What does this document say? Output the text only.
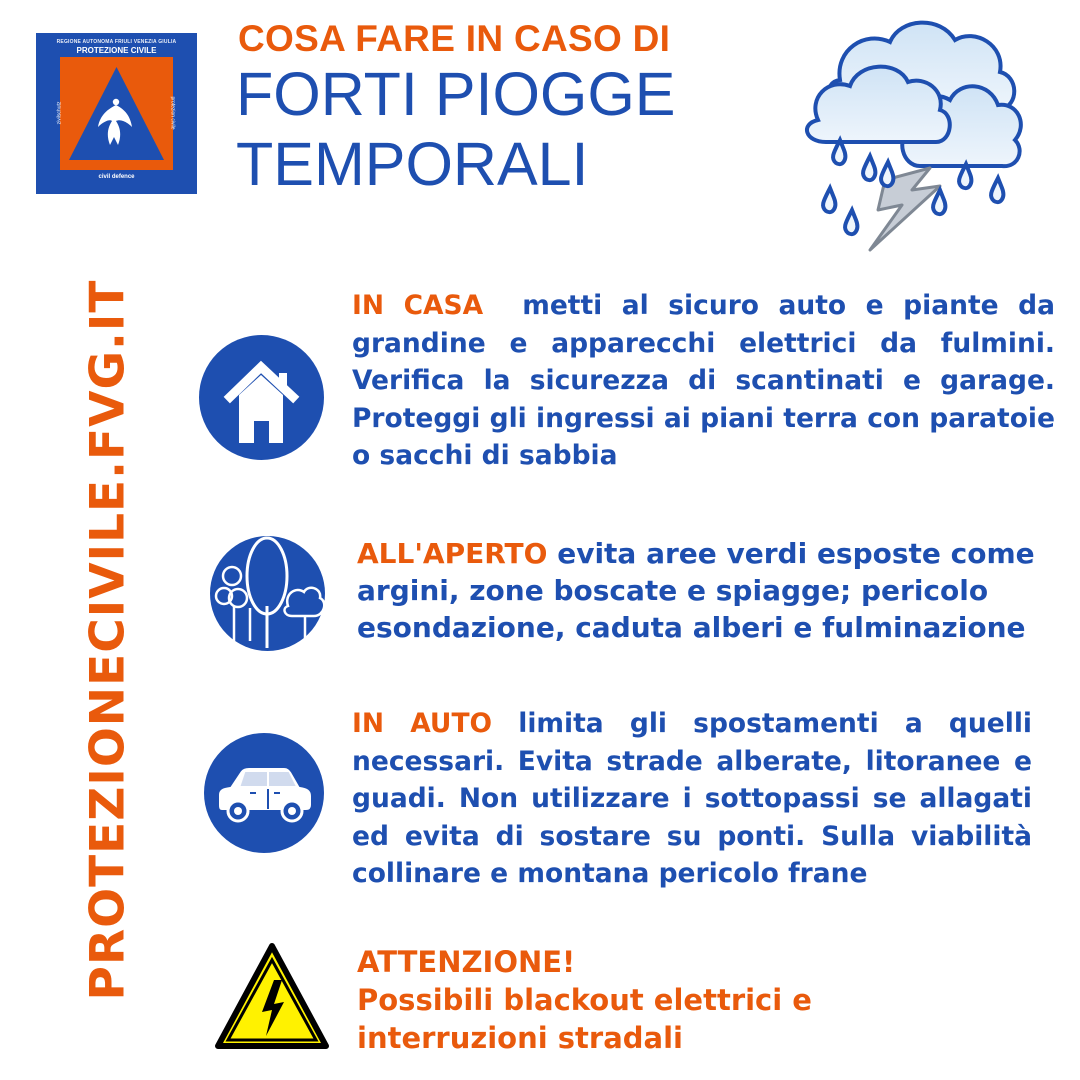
REGIONE AUTONOMA FRIULI VENEZIA GIULIA
PROTEZIONE CIVILE
zivilschutz	protezion civile
civil defence
COSA FARE IN CASO DI
FORTI PIOGGE
TEMPORALI
PROTEZIONECIVILE.FVG.IT	IN CASA metti al sicuro auto e piante da grandine e apparecchi elettrici da fulmini. Verifica la sicurezza di scantinati e garage. Proteggi gli ingressi ai piani terra con paratoie o sacchi di sabbia
ALL'APERTO evita aree verdi esposte come argini, zone boscate e spiagge; pericolo esondazione, caduta alberi e fulminazione
IN AUTO limita gli spostamenti a quelli necessari. Evita strade alberate, litoranee e guadi. Non utilizzare i sottopassi se allagati ed evita di sostare su ponti. Sulla viabilità collinare e montana pericolo frane
ATTENZIONE!
Possibili blackout elettrici e
interruzioni stradali
